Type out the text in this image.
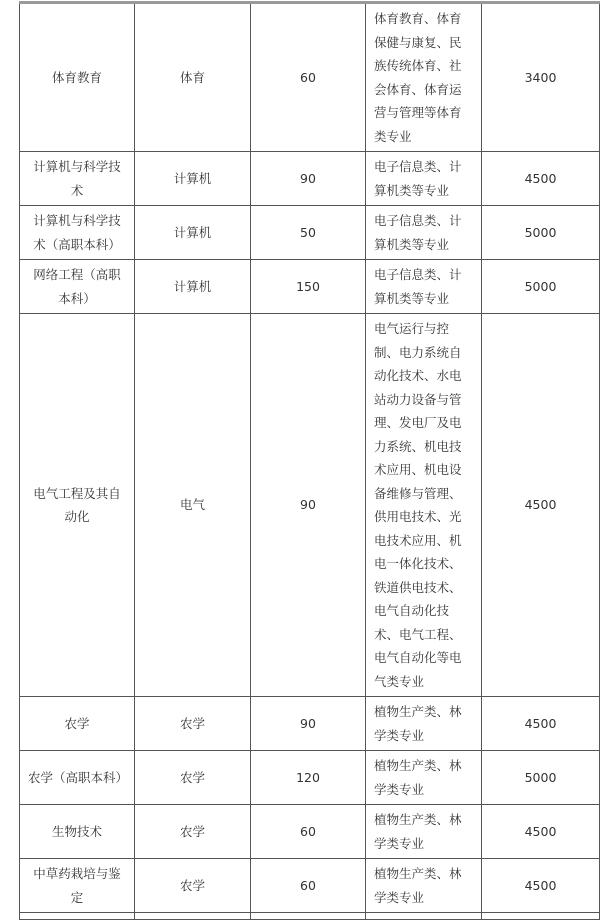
体育教育	体育	60	体育教育、体育保健与康复、民族传统体育、社会体育、体育运营与管理等体育类专业	3400
计算机与科学技术	计算机	90	电子信息类、计算机类等专业	4500
计算机与科学技术（高职本科）	计算机	50	电子信息类、计算机类等专业	5000
网络工程（高职本科）	计算机	150	电子信息类、计算机类等专业	5000
电气工程及其自动化	电气	90	电气运行与控制、电力系统自动化技术、水电站动力设备与管理、发电厂及电力系统、机电技术应用、机电设备维修与管理、供用电技术、光电技术应用、机电一体化技术、铁道供电技术、电气自动化技术、电气工程、电气自动化等电气类专业	4500
农学	农学	90	植物生产类、林学类专业	4500
农学（高职本科）	农学	120	植物生产类、林学类专业	5000
生物技术	农学	60	植物生产类、林学类专业	4500
中草药栽培与鉴定	农学	60	植物生产类、林学类专业	4500
